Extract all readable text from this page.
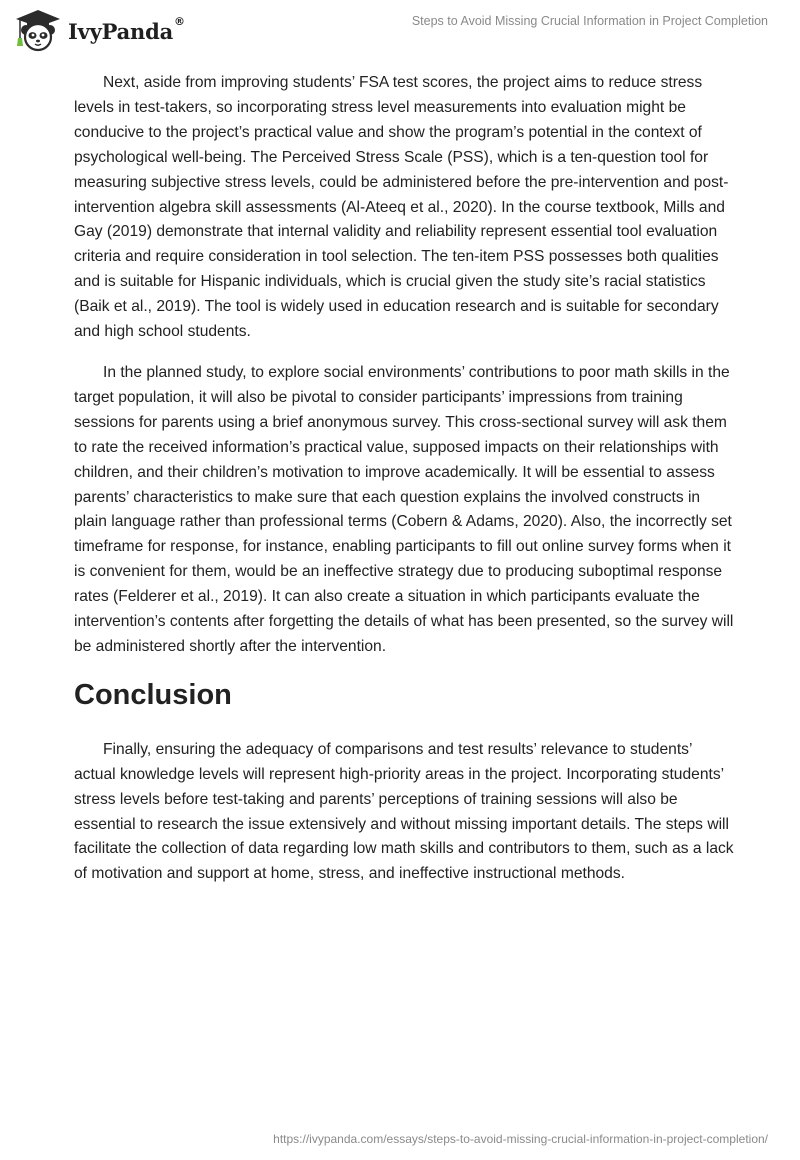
IvyPanda ®	Steps to Avoid Missing Crucial Information in Project Completion

Next, aside from improving students’ FSA test scores, the project aims to reduce stress levels in test-takers, so incorporating stress level measurements into evaluation might be conducive to the project’s practical value and show the program’s potential in the context of psychological well-being. The Perceived Stress Scale (PSS), which is a ten-question tool for measuring subjective stress levels, could be administered before the pre-intervention and post-intervention algebra skill assessments (Al-Ateeq et al., 2020). In the course textbook, Mills and Gay (2019) demonstrate that internal validity and reliability represent essential tool evaluation criteria and require consideration in tool selection. The ten-item PSS possesses both qualities and is suitable for Hispanic individuals, which is crucial given the study site’s racial statistics (Baik et al., 2019). The tool is widely used in education research and is suitable for secondary and high school students.

In the planned study, to explore social environments’ contributions to poor math skills in the target population, it will also be pivotal to consider participants’ impressions from training sessions for parents using a brief anonymous survey. This cross-sectional survey will ask them to rate the received information’s practical value, supposed impacts on their relationships with children, and their children’s motivation to improve academically. It will be essential to assess parents’ characteristics to make sure that each question explains the involved constructs in plain language rather than professional terms (Cobern & Adams, 2020). Also, the incorrectly set timeframe for response, for instance, enabling participants to fill out online survey forms when it is convenient for them, would be an ineffective strategy due to producing suboptimal response rates (Felderer et al., 2019). It can also create a situation in which participants evaluate the intervention’s contents after forgetting the details of what has been presented, so the survey will be administered shortly after the intervention.

Conclusion

Finally, ensuring the adequacy of comparisons and test results’ relevance to students’ actual knowledge levels will represent high-priority areas in the project. Incorporating students’ stress levels before test-taking and parents’ perceptions of training sessions will also be essential to research the issue extensively and without missing important details. The steps will facilitate the collection of data regarding low math skills and contributors to them, such as a lack of motivation and support at home, stress, and ineffective instructional methods.

https://ivypanda.com/essays/steps-to-avoid-missing-crucial-information-in-project-completion/
